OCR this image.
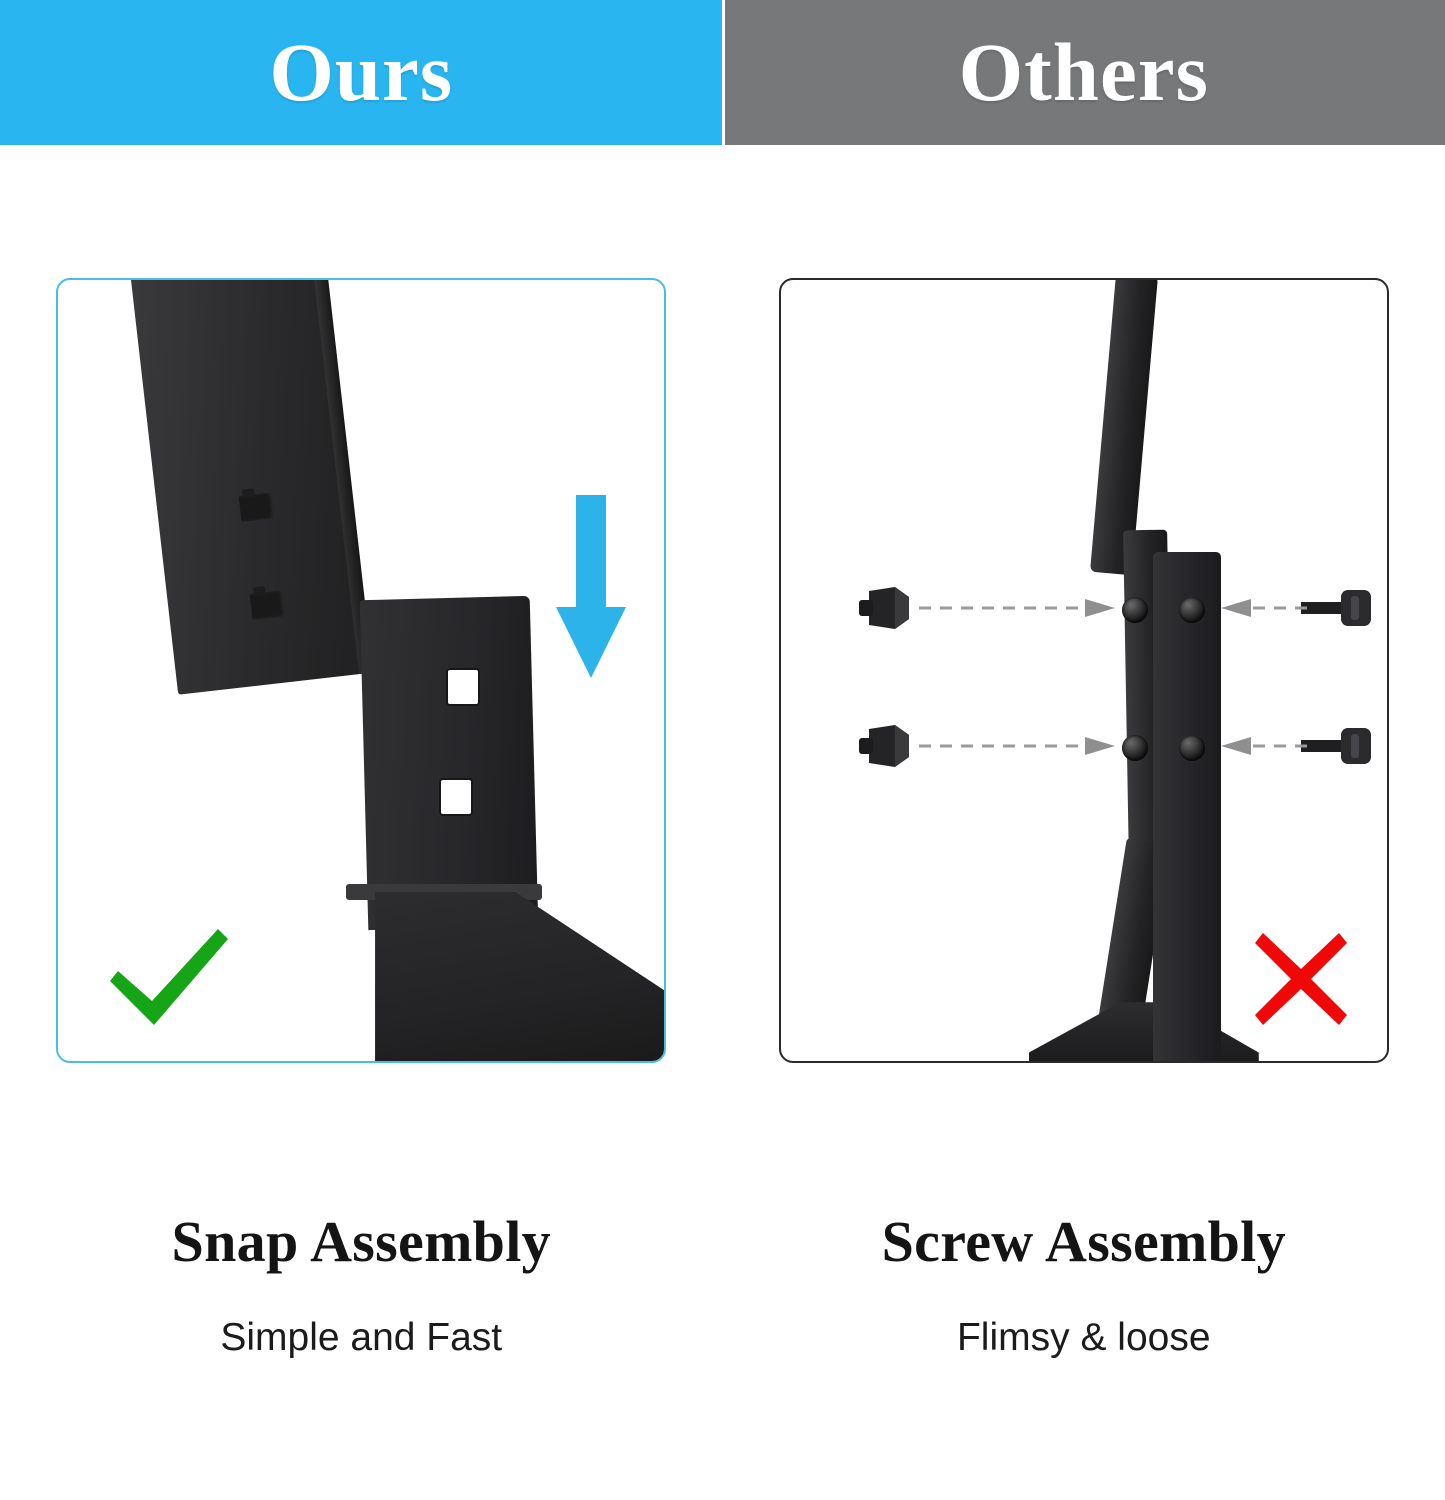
Ours

Snap Assembly

Simple and Fast

Others

Screw Assembly

Flimsy & loose
